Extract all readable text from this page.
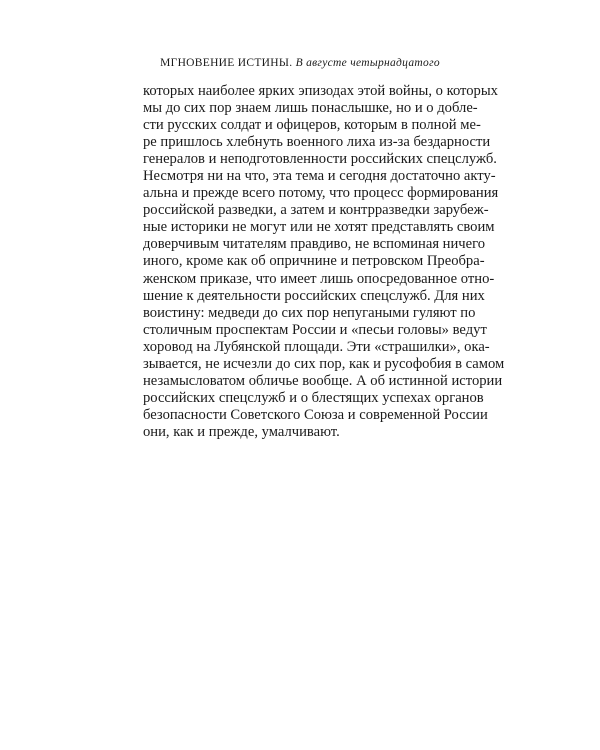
МГНОВЕНИЕ ИСТИНЫ. В августе четырнадцатого
которых наиболее ярких эпизодах этой войны, о которых
мы до сих пор знаем лишь понаслышке, но и о добле-
сти русских солдат и офицеров, которым в полной ме-
ре пришлось хлебнуть военного лиха из-за бездарности
генералов и неподготовленности российских спецслужб.
Несмотря ни на что, эта тема и сегодня достаточно акту-
альна и прежде всего потому, что процесс формирования
российской разведки, а затем и контрразведки зарубеж-
ные историки не могут или не хотят представлять своим
доверчивым читателям правдиво, не вспоминая ничего
иного, кроме как об опричнине и петровском Преобра-
женском приказе, что имеет лишь опосредованное отно-
шение к деятельности российских спецслужб. Для них
воистину: медведи до сих пор непугаными гуляют по
столичным проспектам России и «песьи головы» ведут
хоровод на Лубянской площади. Эти «страшилки», ока-
зывается, не исчезли до сих пор, как и русофобия в самом
незамысловатом обличье вообще. А об истинной истории
российских спецслужб и о блестящих успехах органов
безопасности Советского Союза и современной России
они, как и прежде, умалчивают.
